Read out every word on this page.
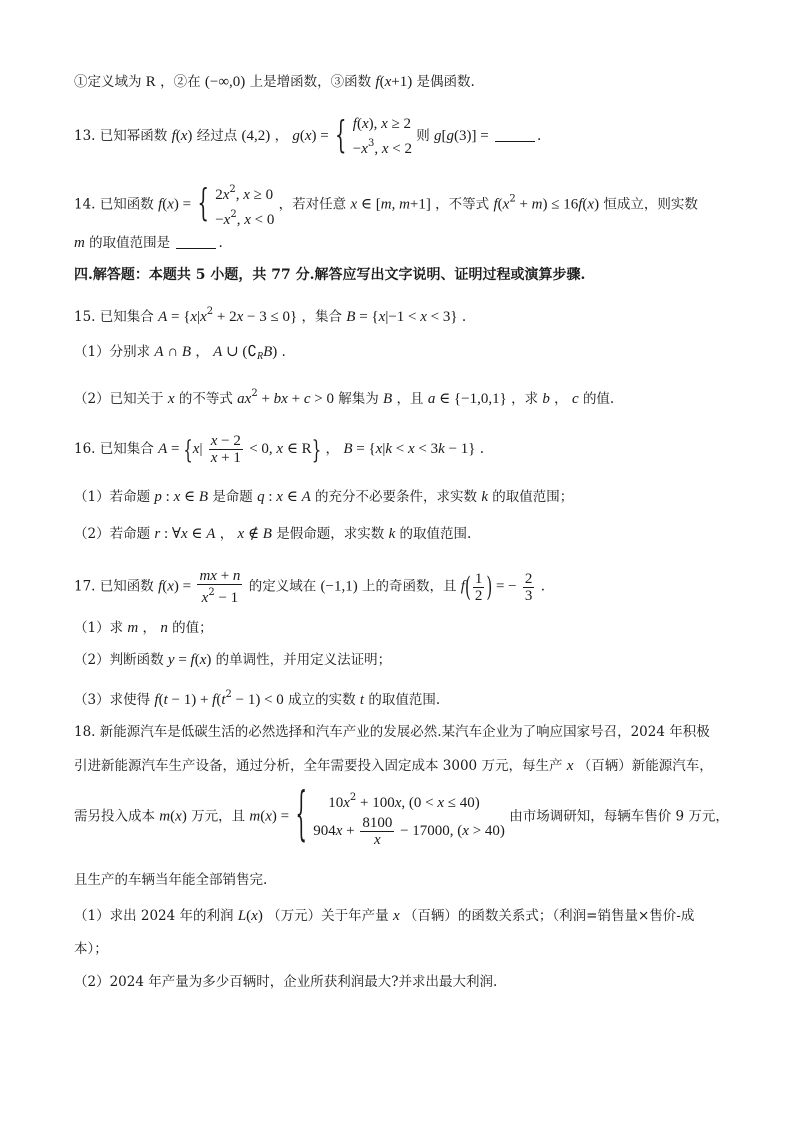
①定义域为 R ，②在 (−∞,0) 上是增函数，③函数 f(x+1) 是偶函数.
13. 已知幂函数 f(x) 经过点 (4,2) ， g(x) = { f(x), x ≥ 2
$-x^3$, x < 2 则 g[g(3)] =	.
14. 已知函数 f(x) = { $2x^2$, x ≥ 0
$-x^2$, x < 0 ，若对任意 x ∈ [m, m+1] ，不等式 $f(x^2 + m) \le 16f(x)$ 恒成立，则实数
m 的取值范围是	.
四.解答题：本题共 5 小题，共 77 分.解答应写出文字说明、证明过程或演算步骤.
15. 已知集合 $A = \{x|x^2 + 2x - 3 \le 0\}$ ，集合 B = {x|−1 < x < 3} .
（1）分别求 A ∩ B ， A ∪ $(∁_RB)$ .
（2）已知关于 x 的不等式 $ax^2$ + bx + c > 0 解集为 B ，且 a ∈ {−1,0,1} ，求 b ， c 的值.
16. 已知集合 $A = \{x| \frac{x - 2}{x + 1} < 0$, x ∈ R} ， B = {x|k < x < 3k − 1} .
（1）若命题 p : x ∈ B 是命题 q : x ∈ A 的充分不必要条件，求实数 k 的取值范围；
（2）若命题 r : ∀x ∈ A ， x ∉ B 是假命题，求实数 k 的取值范围.
17. 已知函数 $f(x) = \frac{mx + n}{x^2 - 1}$ 的定义域在 (−1,1) 上的奇函数，且 $f( \frac{1}{2}$ ) = − $\frac{2}{3}$ .
（1）求 m ， n 的值；
（2）判断函数 y = f(x) 的单调性，并用定义法证明；
（3）求使得 $f(t - 1) + f(t^2 - 1) < 0$ 成立的实数 t 的取值范围.
18. 新能源汽车是低碳生活的必然选择和汽车产业的发展必然.某汽车企业为了响应国家号召，2024 年积极
引进新能源汽车生产设备，通过分析，全年需要投入固定成本 3000 万元，每生产 x （百辆）新能源汽车，
需另投入成本 m(x) 万元，且 m(x) = {     $10x^2 + 100x$, (0 < x ≤ 40)
$904x + \frac{8100}{x} - 17000$, (x > 40) 由市场调研知，每辆车售价 9 万元，
且生产的车辆当年能全部销售完.
（1）求出 2024 年的利润 L(x) （万元）关于年产量 x （百辆）的函数关系式；（利润=销售量×售价-成
本）；
（2）2024 年产量为多少百辆时，企业所获利润最大?并求出最大利润.
